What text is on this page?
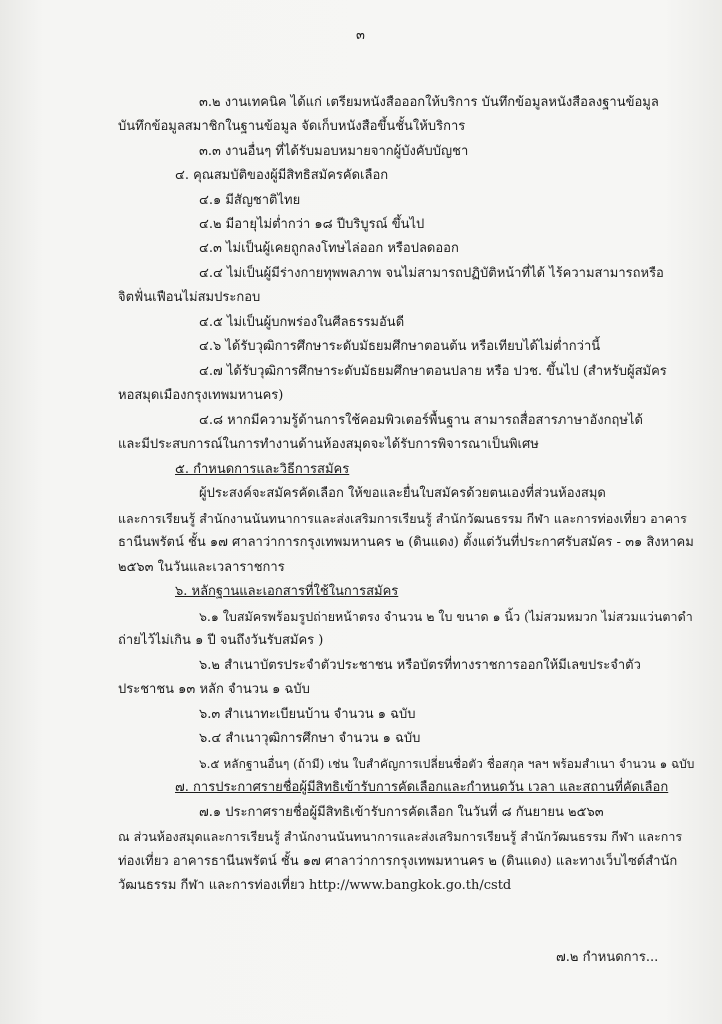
๓
๓.๒ งานเทคนิค ได้แก่ เตรียมหนังสือออกให้บริการ บันทึกข้อมูลหนังสือลงฐานข้อมูล
บันทึกข้อมูลสมาชิกในฐานข้อมูล จัดเก็บหนังสือขึ้นชั้นให้บริการ
๓.๓ งานอื่นๆ ที่ได้รับมอบหมายจากผู้บังคับบัญชา
๔. คุณสมบัติของผู้มีสิทธิสมัครคัดเลือก
๔.๑ มีสัญชาติไทย
๔.๒ มีอายุไม่ต่ำกว่า ๑๘ ปีบริบูรณ์ ขึ้นไป
๔.๓ ไม่เป็นผู้เคยถูกลงโทษไล่ออก หรือปลดออก
๔.๔ ไม่เป็นผู้มีร่างกายทุพพลภาพ จนไม่สามารถปฏิบัติหน้าที่ได้ ไร้ความสามารถหรือ
จิตฟั่นเฟือนไม่สมประกอบ
๔.๕ ไม่เป็นผู้บกพร่องในศีลธรรมอันดี
๔.๖ ได้รับวุฒิการศึกษาระดับมัธยมศึกษาตอนต้น หรือเทียบได้ไม่ต่ำกว่านี้
๔.๗ ได้รับวุฒิการศึกษาระดับมัธยมศึกษาตอนปลาย หรือ ปวช. ขึ้นไป (สำหรับผู้สมัคร
หอสมุดเมืองกรุงเทพมหานคร)
๔.๘ หากมีความรู้ด้านการใช้คอมพิวเตอร์พื้นฐาน สามารถสื่อสารภาษาอังกฤษได้
และมีประสบการณ์ในการทำงานด้านห้องสมุดจะได้รับการพิจารณาเป็นพิเศษ
๕. กำหนดการและวิธีการสมัคร
ผู้ประสงค์จะสมัครคัดเลือก ให้ขอและยื่นใบสมัครด้วยตนเองที่ส่วนห้องสมุด
และการเรียนรู้ สำนักงานนันทนาการและส่งเสริมการเรียนรู้ สำนักวัฒนธรรม กีฬา และการท่องเที่ยว อาคาร
ธานีนพรัตน์ ชั้น ๑๗ ศาลาว่าการกรุงเทพมหานคร ๒ (ดินแดง) ตั้งแต่วันที่ประกาศรับสมัคร - ๓๑ สิงหาคม
๒๕๖๓ ในวันและเวลาราชการ
๖. หลักฐานและเอกสารที่ใช้ในการสมัคร
๖.๑ ใบสมัครพร้อมรูปถ่ายหน้าตรง จำนวน ๒ ใบ ขนาด ๑ นิ้ว (ไม่สวมหมวก ไม่สวมแว่นตาดำ
ถ่ายไว้ไม่เกิน ๑ ปี จนถึงวันรับสมัคร )
๖.๒ สำเนาบัตรประจำตัวประชาชน หรือบัตรที่ทางราชการออกให้มีเลขประจำตัว
ประชาชน ๑๓ หลัก จำนวน ๑ ฉบับ
๖.๓ สำเนาทะเบียนบ้าน จำนวน ๑ ฉบับ
๖.๔ สำเนาวุฒิการศึกษา จำนวน ๑ ฉบับ
๖.๕ หลักฐานอื่นๆ (ถ้ามี) เช่น ใบสำคัญการเปลี่ยนชื่อตัว ชื่อสกุล ฯลฯ พร้อมสำเนา จำนวน ๑ ฉบับ
๗. การประกาศรายชื่อผู้มีสิทธิเข้ารับการคัดเลือกและกำหนดวัน เวลา และสถานที่คัดเลือก
๗.๑ ประกาศรายชื่อผู้มีสิทธิเข้ารับการคัดเลือก ในวันที่ ๘ กันยายน ๒๕๖๓
ณ ส่วนห้องสมุดและการเรียนรู้ สำนักงานนันทนาการและส่งเสริมการเรียนรู้ สำนักวัฒนธรรม กีฬา และการ
ท่องเที่ยว อาคารธานีนพรัตน์ ชั้น ๑๗ ศาลาว่าการกรุงเทพมหานคร ๒ (ดินแดง) และทางเว็บไซต์สำนัก
วัฒนธรรม กีฬา และการท่องเที่ยว http://www.bangkok.go.th/cstd
๗.๒ กำหนดการ...
